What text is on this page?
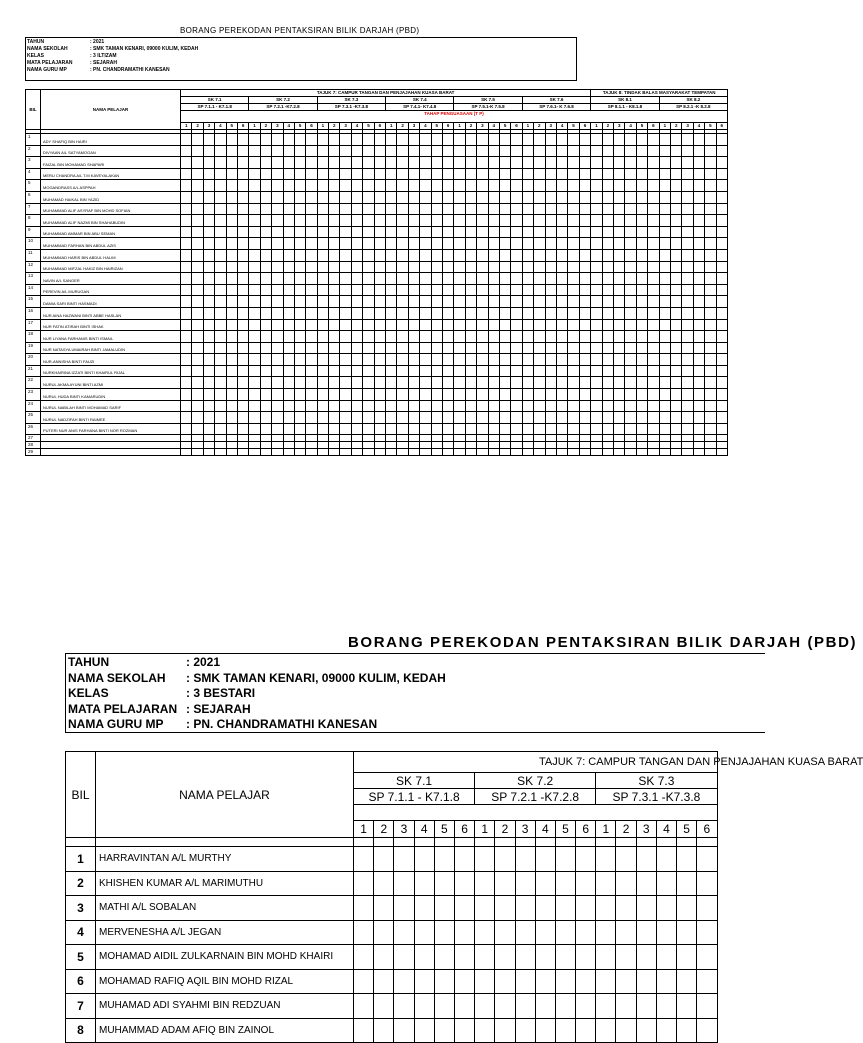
BORANG PEREKODAN PENTAKSIRAN BILIK DARJAH (PBD)
TAHUN	: 2021
NAMA SEKOLAH	: SMK TAMAN KENARI, 09000 KULIM, KEDAH
KELAS	: 3 ILTIZAM
MATA PELAJARAN	: SEJARAH
NAMA GURU MP	: PN. CHANDRAMATHI KANESAN
BIL	NAMA PELAJAR	TAJUK 7: CAMPUR TANGAN DAN PENJAJAHAN KUASA BARAT																																				TAJUK 8: TINDAK BALAS MASYARAKAT TEMPATAN											
		SK 7.1						SK 7.2						SK 7.3						SK 7.4						SK 7.5						SK 7.6						SK 8.1						SK 8.2					
		SP 7.1.1 - K7.1.8						SP 7.2.1 -K7.2.8						SP 7.3.1 -K7.3.8						SP 7.4.1- K7.4.8						SP 7.5.1-K 7.5.8						SP 7.6.1- K 7.6.8						SP 8.1.1 - K8.1.8						SP 8.2.1 -K 8.2.8					
		TAHAP PENGUASAAN (T P)																																															
		1	2	3	4	5	6	1	2	3	4	5	6	1	2	3	4	5	6	1	2	3	4	5	6	1	2	3	4	5	6	1	2	3	4	5	6	1	2	3	4	5	6	1	2	3	4	5	6

1	ADY SHAFIQ BIN HAIRI																																																
2	DIVYAAN A/L SATYAMOGAN																																																
3	FAIZAL BIN MOHAMAD SHAPARI																																																
4	MERU CHANDRA A/L T.M KAVEYALAKAN																																																
5	MOGANDRASS A/L ASPPAH																																																
6	MUHAMAD HAIKAL BIN YAZID																																																
7	MUHAMMAD ALIF ASYRAF BIN MOHD SOFIAN																																																
8	MUHAMMAD ALIF NAZMI BIN SHAHABUDIN																																																
9	MUHAMMAD AMMAR BIN ABU SEMAN																																																
10	MUHAMMAD FARHAN BIN ABDUL AZIS																																																
11	MUHAMMAD HARIS BIN ABDUL HALIM																																																
12	MUHAMMAD MIFZAL HAKIZ BIN HAIRIZAN																																																
13	NAVIN A/L SANGER																																																
14	PEREVIN A/L MURUGAN																																																
15	DAMIA SARI BINTI HASMADI																																																
16	NUR AINA HAZWANI BINTI ABBE HASLAN																																																
17	NUR FATIN ATIRAH BINTI ISHAK																																																
18	NUR LIYANA FARHANIS BINTI ISMAIL																																																
19	NUR NATASYA UMAIRAH BINTI JAMALUDIN																																																
20	NUR-ANNISHA BINTI FAUZI																																																
21	NURKHAIRINA IZZATI BINTI KHAIRUL RIJAL																																																
22	NURUL AKMA AYUNI BINTI AZMI																																																
23	NURUL HUDA BINTI KAMARUDIN																																																
24	NURUL NABILAH BINTI MOHAMAD SARIF																																																
25	NURUL NADZIFAH BINTI RAIMEE																																																
26	PUTERI NUR ANIS FARHANA BINTI NOR ROZMAN																																																
27																																																	
28																																																	
29																																																	
BORANG PEREKODAN PENTAKSIRAN BILIK DARJAH (PBD)
TAHUN	: 2021
NAMA SEKOLAH : SMK TAMAN KENARI, 09000 KULIM, KEDAH
KELAS	: 3 BESTARI
MATA PELAJARAN : SEJARAH
NAMA GURU MP : PN. CHANDRAMATHI KANESAN
BIL	NAMA PELAJAR	TAJUK 7: CAMPUR TANGAN DAN PENJAJAHAN KUASA BARAT																	
		SK 7.1						SK 7.2						SK 7.3					
		SP 7.1.1 - K7.1.8						SP 7.2.1 -K7.2.8						SP 7.3.1 -K7.3.8					

		1	2	3	4	5	6	1	2	3	4	5	6	1	2	3	4	5	6

1	HARRAVINTAN A/L MURTHY																		
2	KHISHEN KUMAR A/L MARIMUTHU																		
3	MATHI A/L SOBALAN																		
4	MERVENESHA A/L JEGAN																		
5	MOHAMAD AIDIL ZULKARNAIN BIN MOHD KHAIRI																		
6	MOHAMAD RAFIQ AQIL BIN MOHD RIZAL																		
7	MUHAMAD ADI SYAHMI BIN REDZUAN																		
8	MUHAMMAD ADAM AFIQ BIN ZAINOL																		
